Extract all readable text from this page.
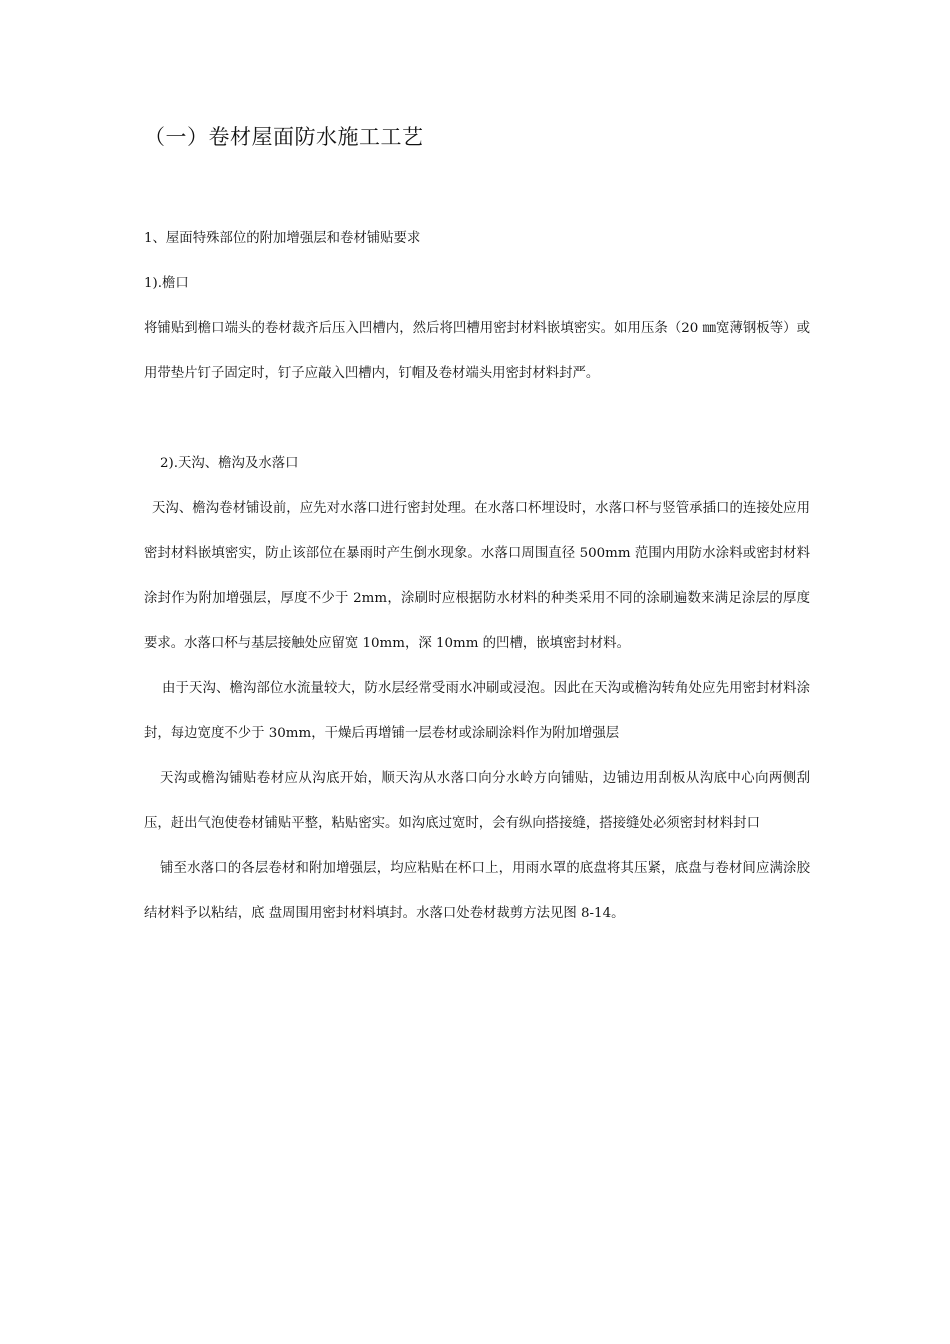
（一）卷材屋面防水施工工艺

1、屋面特殊部位的附加增强层和卷材铺贴要求

1).檐口

将铺贴到檐口端头的卷材裁齐后压入凹槽内，然后将凹槽用密封材料嵌填密实。如用压条（20 ㎜宽薄钢板等）或用带垫片钉子固定时，钉子应敲入凹槽内，钉帽及卷材端头用密封材料封严。

2).天沟、檐沟及水落口

天沟、檐沟卷材铺设前，应先对水落口进行密封处理。在水落口杯埋设时，水落口杯与竖管承插口的连接处应用密封材料嵌填密实，防止该部位在暴雨时产生倒水现象。水落口周围直径 500mm 范围内用防水涂料或密封材料涂封作为附加增强层，厚度不少于 2mm，涂刷时应根据防水材料的种类采用不同的涂刷遍数来满足涂层的厚度要求。水落口杯与基层接触处应留宽 10mm，深 10mm 的凹槽，嵌填密封材料。

由于天沟、檐沟部位水流量较大，防水层经常受雨水冲刷或浸泡。因此在天沟或檐沟转角处应先用密封材料涂封，每边宽度不少于 30mm，干燥后再增铺一层卷材或涂刷涂料作为附加增强层

天沟或檐沟铺贴卷材应从沟底开始，顺天沟从水落口向分水岭方向铺贴，边铺边用刮板从沟底中心向两侧刮压，赶出气泡使卷材铺贴平整，粘贴密实。如沟底过宽时，会有纵向搭接缝，搭接缝处必须密封材料封口

铺至水落口的各层卷材和附加增强层，均应粘贴在杯口上，用雨水罩的底盘将其压紧，底盘与卷材间应满涂胶结材料予以粘结，底 盘周围用密封材料填封。水落口处卷材裁剪方法见图 8-14。
